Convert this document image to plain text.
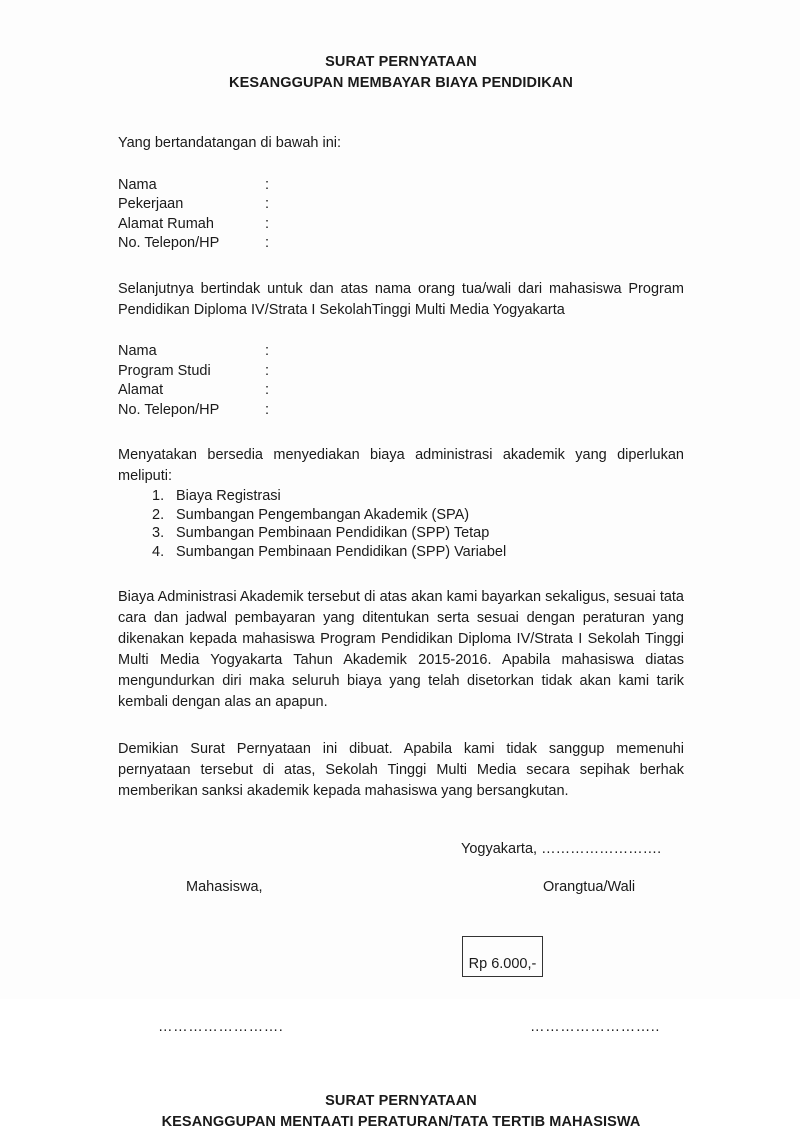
SURAT PERNYATAAN
KESANGGUPAN MEMBAYAR BIAYA PENDIDIKAN

Yang bertandatangan di bawah ini:

Nama	:
Pekerjaan	:
Alamat Rumah	:
No. Telepon/HP	:

Selanjutnya bertindak untuk dan atas nama orang tua/wali dari mahasiswa Program Pendidikan Diploma IV/Strata I SekolahTinggi Multi Media Yogyakarta

Nama	:
Program Studi	:
Alamat	:
No. Telepon/HP	:

Menyatakan bersedia menyediakan biaya administrasi akademik yang diperlukan meliputi:

1. Biaya Registrasi
2. Sumbangan Pengembangan Akademik (SPA)
3. Sumbangan Pembinaan Pendidikan (SPP) Tetap
4. Sumbangan Pembinaan Pendidikan (SPP) Variabel

Biaya Administrasi Akademik tersebut di atas akan kami bayarkan sekaligus, sesuai tata cara dan jadwal pembayaran yang ditentukan serta sesuai dengan peraturan yang dikenakan kepada mahasiswa Program Pendidikan Diploma IV/Strata I Sekolah Tinggi Multi Media Yogyakarta Tahun Akademik 2015-2016. Apabila mahasiswa diatas mengundurkan diri maka seluruh biaya yang telah disetorkan tidak akan kami tarik kembali dengan alas an apapun.

Demikian Surat Pernyataan ini dibuat. Apabila kami tidak sanggup memenuhi pernyataan tersebut di atas, Sekolah Tinggi Multi Media secara sepihak berhak memberikan sanksi akademik kepada mahasiswa yang bersangkutan.

Yogyakarta, …………………….
Mahasiswa,	Orangtua/Wali
Rp 6.000,-
…………………….	……………………..
SURAT PERNYATAAN
KESANGGUPAN MENTAATI PERATURAN/TATA TERTIB MAHASISWA
